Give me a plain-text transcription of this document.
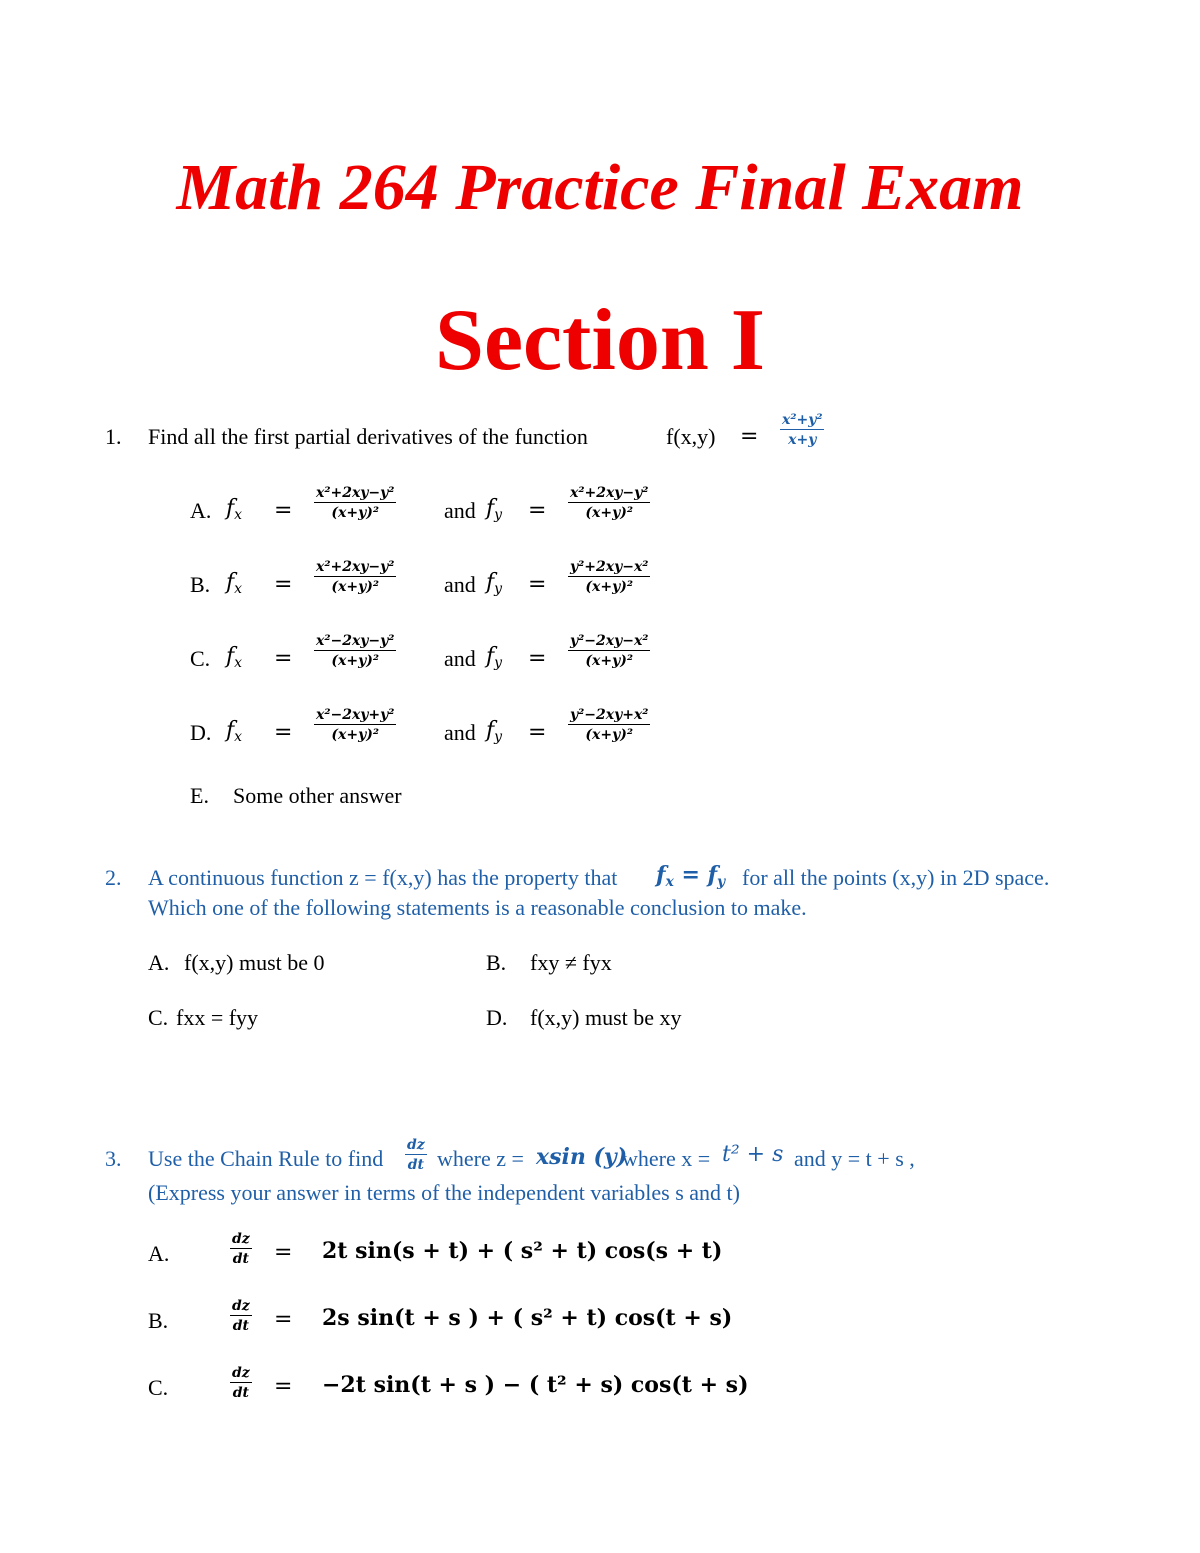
Math 264 Practice Final Exam
Section I
1. Find all the first partial derivatives of the function	$f(x,y) = \frac{\text{x²+y²}}{x+y}$
A. $f_x = \frac{\text{x²+2xy−y²}}{\text{(x+y)²}}$ and $f_y = \frac{\text{x²+2xy−y²}}{\text{(x+y)²}}$
B. $f_x = \frac{\text{x²+2xy−y²}}{\text{(x+y)²}}$ and $f_y = \frac{\text{y²+2xy−x²}}{\text{(x+y)²}}$
C. $f_x = \frac{\text{x²−2xy−y²}}{\text{(x+y)²}}$ and $f_y = \frac{\text{y²−2xy−x²}}{\text{(x+y)²}}$
D. $f_x = \frac{\text{x²−2xy+y²}}{\text{(x+y)²}}$ and $f_y = \frac{\text{y²−2xy+x²}}{\text{(x+y)²}}$
E. Some other answer
2. A continuous function z = f(x,y) has the property that $f_x = f_y$ for all the points (x,y) in 2D space.
Which one of the following statements is a reasonable conclusion to make.
A. f(x,y) must be 0	B. fxy ≠ fyx
C. fxx = fyy	D. f(x,y) must be xy
3. Use the Chain Rule to find $\frac{dz}{dt}$ where z = xsin (y)
where x = t² + s and y = t + s ,
(Express your answer in terms of the independent variables s and t)
A.	$\frac{dz}{dt} = 2t$ sin(s + t) + ( s² + t) cos(s + t)
B.	$\frac{dz}{dt} = 2s$ sin(t + s ) + ( s² + t) cos(t + s)
C.	$\frac{dz}{dt} = -2t$ sin(t + s ) − ( t² + s) cos(t + s)
